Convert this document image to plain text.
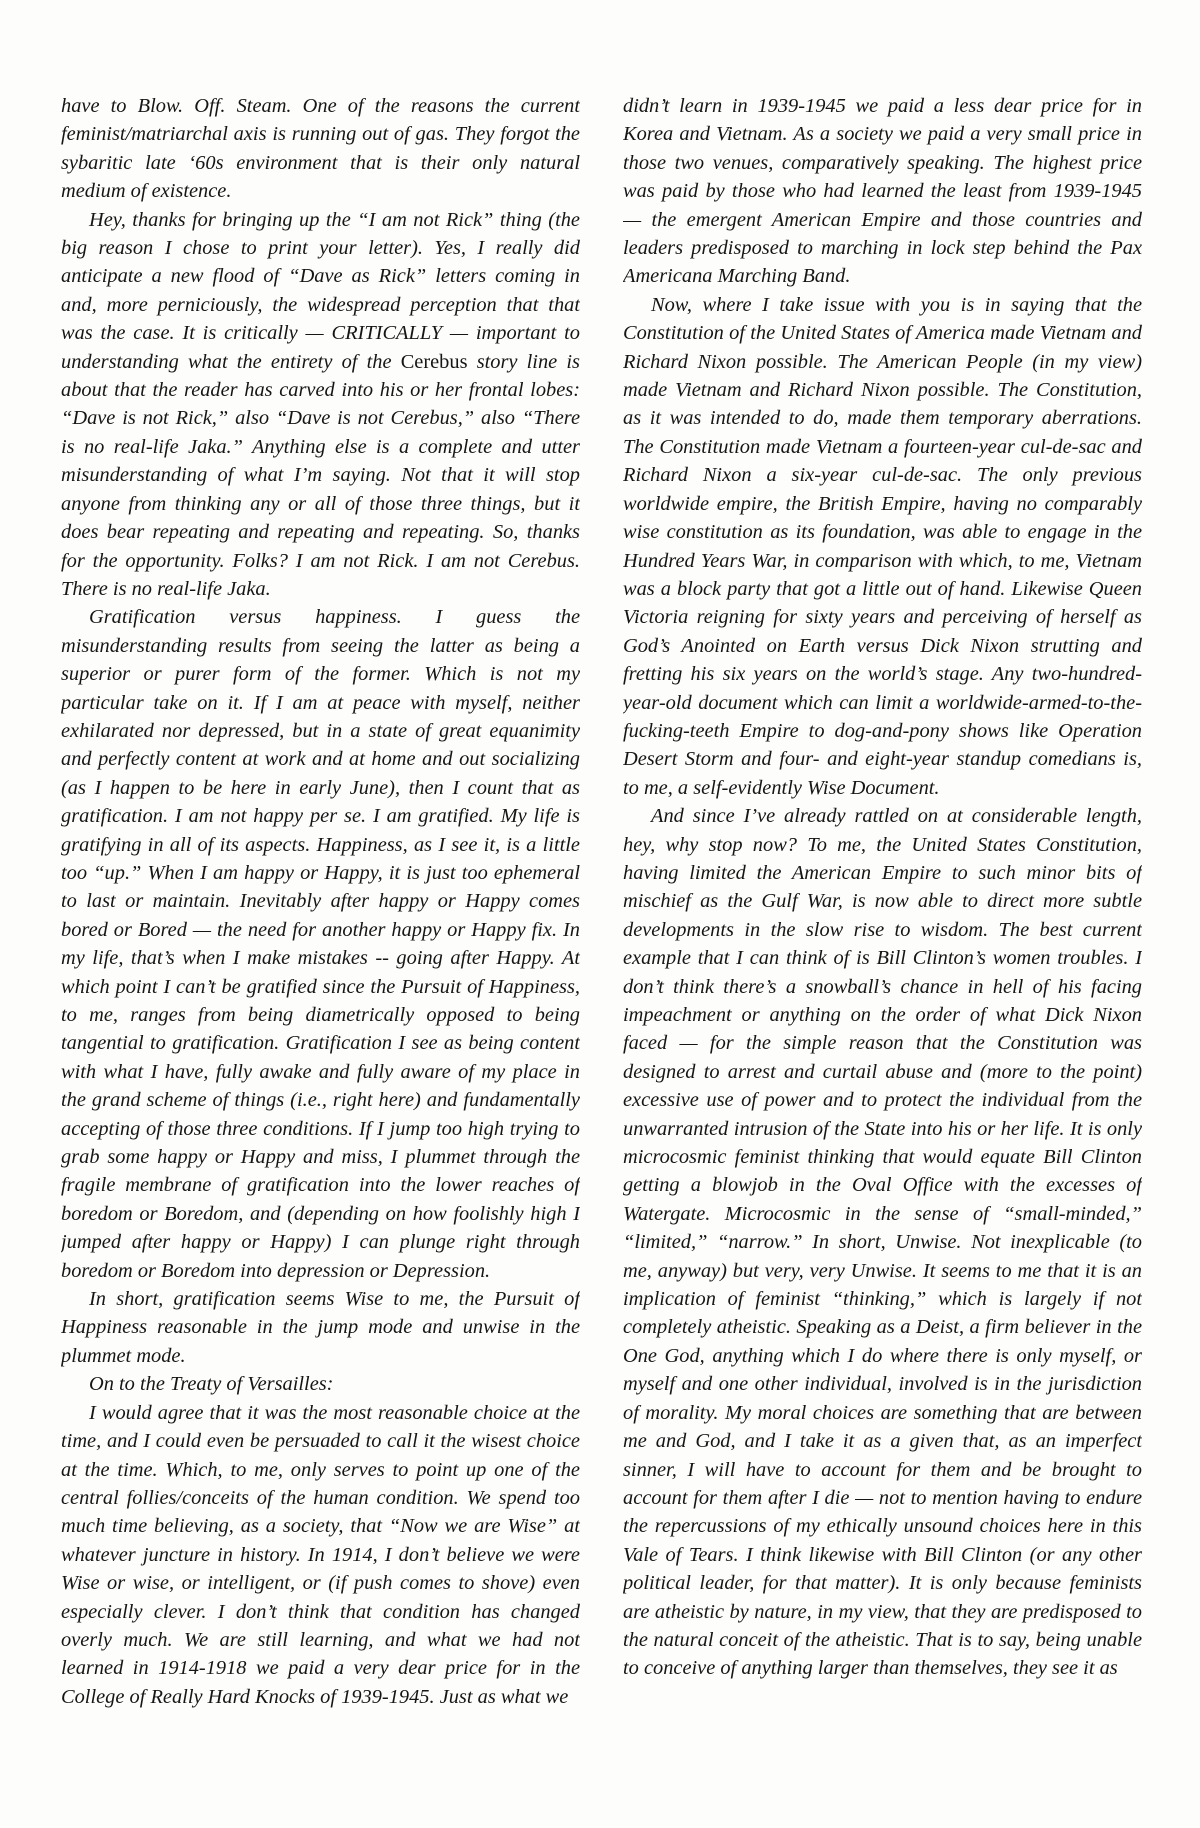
have to Blow. Off. Steam. One of the reasons the current feminist/matriarchal axis is running out of gas. They forgot the sybaritic late ‘60s environment that is their only natural medium of existence.

Hey, thanks for bringing up the “I am not Rick” thing (the big reason I chose to print your letter). Yes, I really did anticipate a new flood of “Dave as Rick” letters coming in and, more perniciously, the widespread perception that that was the case. It is critically — CRITICALLY — important to understanding what the entirety of the Cerebus story line is about that the reader has carved into his or her frontal lobes: “Dave is not Rick,” also “Dave is not Cerebus,” also “There is no real-life Jaka.” Anything else is a complete and utter misunderstanding of what I’m saying. Not that it will stop anyone from thinking any or all of those three things, but it does bear repeating and repeating and repeating. So, thanks for the opportunity. Folks? I am not Rick. I am not Cerebus. There is no real-life Jaka.

Gratification versus happiness. I guess the misunderstanding results from seeing the latter as being a superior or purer form of the former. Which is not my particular take on it. If I am at peace with myself, neither exhilarated nor depressed, but in a state of great equanimity and perfectly content at work and at home and out socializing (as I happen to be here in early June), then I count that as gratification. I am not happy per se. I am gratified. My life is gratifying in all of its aspects. Happiness, as I see it, is a little too “up.” When I am happy or Happy, it is just too ephemeral to last or maintain. Inevitably after happy or Happy comes bored or Bored — the need for another happy or Happy fix. In my life, that’s when I make mistakes -- going after Happy. At which point I can’t be gratified since the Pursuit of Happiness, to me, ranges from being diametrically opposed to being tangential to gratification. Gratification I see as being content with what I have, fully awake and fully aware of my place in the grand scheme of things (i.e., right here) and fundamentally accepting of those three conditions. If I jump too high trying to grab some happy or Happy and miss, I plummet through the fragile membrane of gratification into the lower reaches of boredom or Boredom, and (depending on how foolishly high I jumped after happy or Happy) I can plunge right through boredom or Boredom into depression or Depression.

In short, gratification seems Wise to me, the Pursuit of Happiness reasonable in the jump mode and unwise in the plummet mode.

On to the Treaty of Versailles:

I would agree that it was the most reasonable choice at the time, and I could even be persuaded to call it the wisest choice at the time. Which, to me, only serves to point up one of the central follies/conceits of the human condition. We spend too much time believing, as a society, that “Now we are Wise” at whatever juncture in history. In 1914, I don’t believe we were Wise or wise, or intelligent, or (if push comes to shove) even especially clever. I don’t think that condition has changed overly much. We are still learning, and what we had not learned in 1914-1918 we paid a very dear price for in the College of Really Hard Knocks of 1939-1945. Just as what we

didn’t learn in 1939-1945 we paid a less dear price for in Korea and Vietnam. As a society we paid a very small price in those two venues, comparatively speaking. The highest price was paid by those who had learned the least from 1939-1945 — the emergent American Empire and those countries and leaders predisposed to marching in lock step behind the Pax Americana Marching Band.

Now, where I take issue with you is in saying that the Constitution of the United States of America made Vietnam and Richard Nixon possible. The American People (in my view) made Vietnam and Richard Nixon possible. The Constitution, as it was intended to do, made them temporary aberrations. The Constitution made Vietnam a fourteen-year cul-de-sac and Richard Nixon a six-year cul-de-sac. The only previous worldwide empire, the British Empire, having no comparably wise constitution as its foundation, was able to engage in the Hundred Years War, in comparison with which, to me, Vietnam was a block party that got a little out of hand. Likewise Queen Victoria reigning for sixty years and perceiving of herself as God’s Anointed on Earth versus Dick Nixon strutting and fretting his six years on the world’s stage. Any two-hundred-year-old document which can limit a worldwide-armed-to-the-fucking-teeth Empire to dog-and-pony shows like Operation Desert Storm and four- and eight-year standup comedians is, to me, a self-evidently Wise Document.

And since I’ve already rattled on at considerable length, hey, why stop now? To me, the United States Constitution, having limited the American Empire to such minor bits of mischief as the Gulf War, is now able to direct more subtle developments in the slow rise to wisdom. The best current example that I can think of is Bill Clinton’s women troubles. I don’t think there’s a snowball’s chance in hell of his facing impeachment or anything on the order of what Dick Nixon faced — for the simple reason that the Constitution was designed to arrest and curtail abuse and (more to the point) excessive use of power and to protect the individual from the unwarranted intrusion of the State into his or her life. It is only microcosmic feminist thinking that would equate Bill Clinton getting a blowjob in the Oval Office with the excesses of Watergate. Microcosmic in the sense of “small-minded,” “limited,” “narrow.” In short, Unwise. Not inexplicable (to me, anyway) but very, very Unwise. It seems to me that it is an implication of feminist “thinking,” which is largely if not completely atheistic. Speaking as a Deist, a firm believer in the One God, anything which I do where there is only myself, or myself and one other individual, involved is in the jurisdiction of morality. My moral choices are something that are between me and God, and I take it as a given that, as an imperfect sinner, I will have to account for them and be brought to account for them after I die — not to mention having to endure the repercussions of my ethically unsound choices here in this Vale of Tears. I think likewise with Bill Clinton (or any other political leader, for that matter). It is only because feminists are atheistic by nature, in my view, that they are predisposed to the natural conceit of the atheistic. That is to say, being unable to conceive of anything larger than themselves, they see it as
